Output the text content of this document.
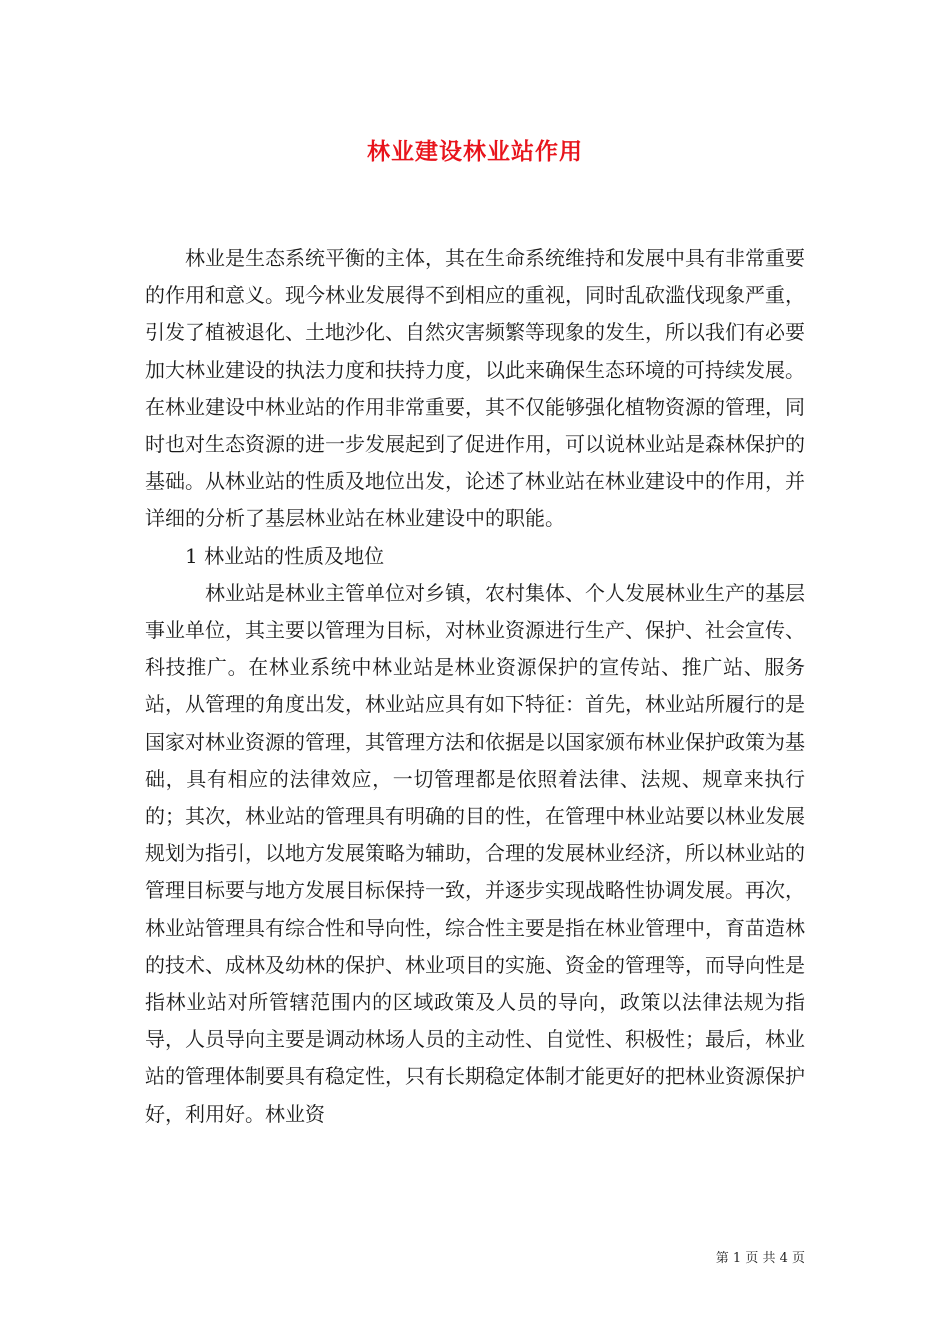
林业建设林业站作用

林业是生态系统平衡的主体，其在生命系统维持和发展中具有非常重要的作用和意义。现今林业发展得不到相应的重视，同时乱砍滥伐现象严重，引发了植被退化、土地沙化、自然灾害频繁等现象的发生，所以我们有必要加大林业建设的执法力度和扶持力度，以此来确保生态环境的可持续发展。在林业建设中林业站的作用非常重要，其不仅能够强化植物资源的管理，同时也对生态资源的进一步发展起到了促进作用，可以说林业站是森林保护的基础。从林业站的性质及地位出发，论述了林业站在林业建设中的作用，并详细的分析了基层林业站在林业建设中的职能。

1 林业站的性质及地位

林业站是林业主管单位对乡镇，农村集体、个人发展林业生产的基层事业单位，其主要以管理为目标，对林业资源进行生产、保护、社会宣传、科技推广。在林业系统中林业站是林业资源保护的宣传站、推广站、服务站，从管理的角度出发，林业站应具有如下特征：首先，林业站所履行的是国家对林业资源的管理，其管理方法和依据是以国家颁布林业保护政策为基础，具有相应的法律效应，一切管理都是依照着法律、法规、规章来执行的；其次，林业站的管理具有明确的目的性，在管理中林业站要以林业发展规划为指引，以地方发展策略为辅助，合理的发展林业经济，所以林业站的管理目标要与地方发展目标保持一致，并逐步实现战略性协调发展。再次，林业站管理具有综合性和导向性，综合性主要是指在林业管理中，育苗造林的技术、成林及幼林的保护、林业项目的实施、资金的管理等，而导向性是指林业站对所管辖范围内的区域政策及人员的导向，政策以法律法规为指导，人员导向主要是调动林场人员的主动性、自觉性、积极性；最后，林业站的管理体制要具有稳定性，只有长期稳定体制才能更好的把林业资源保护好，利用好。林业资

第 1 页 共 4 页
